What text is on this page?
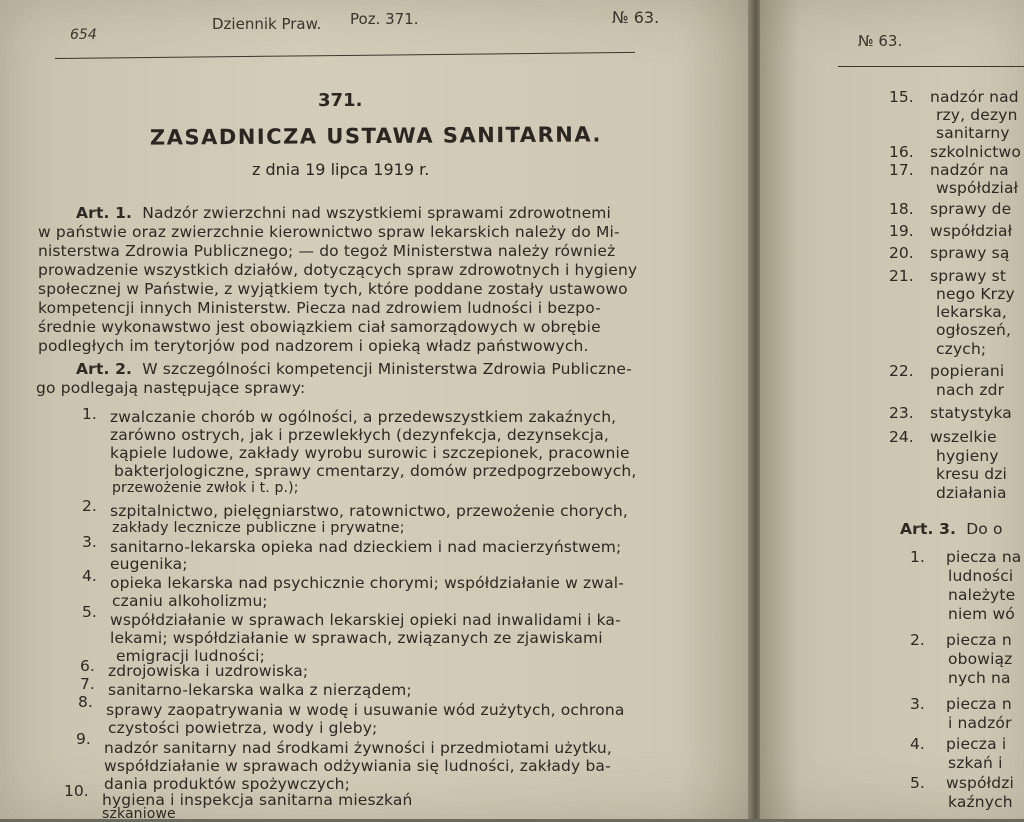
654
Dziennik Praw. Poz. 371.	№ 63.
371.
ZASADNICZA USTAWA SANITARNA.
z dnia 19 lipca 1919 r.
Art. 1. Nadzór zwierzchni nad wszystkiemi sprawami zdrowotnemi
w państwie oraz zwierzchnie kierownictwo spraw lekarskich należy do Mi-
nisterstwa Zdrowia Publicznego; — do tegoż Ministerstwa należy również
prowadzenie wszystkich działów, dotyczących spraw zdrowotnych i hygieny
społecznej w Państwie, z wyjątkiem tych, które poddane zostały ustawowo
kompetencji innych Ministerstw. Piecza nad zdrowiem ludności i bezpo-
średnie wykonawstwo jest obowiązkiem ciał samorządowych w obrębie
podległych im terytorjów pod nadzorem i opieką władz państwowych.
Art. 2. W szczególności kompetencji Ministerstwa Zdrowia Publiczne-
go podlegają następujące sprawy:
1. zwalczanie chorób w ogólności, a przedewszystkiem zakaźnych,
zarówno ostrych, jak i przewlekłych (dezynfekcja, dezynsekcja,
kąpiele ludowe, zakłady wyrobu surowic i szczepionek, pracownie
bakterjologiczne, sprawy cmentarzy, domów przedpogrzebowych,
przewożenie zwłok i t. p.);
2. szpitalnictwo, pielęgniarstwo, ratownictwo, przewożenie chorych,
zakłady lecznicze publiczne i prywatne;
3. sanitarno-lekarska opieka nad dzieckiem i nad macierzyństwem;
eugenika;
4. opieka lekarska nad psychicznie chorymi; współdziałanie w zwal-
czaniu alkoholizmu;
5. współdziałanie w sprawach lekarskiej opieki nad inwalidami i ka-
lekami; współdziałanie w sprawach, związanych ze zjawiskami
emigracji ludności;
6. zdrojowiska i uzdrowiska;
7. sanitarno-lekarska walka z nierządem;
8. sprawy zaopatrywania w wodę i usuwanie wód zużytych, ochrona
czystości powietrza, wody i gleby;
9. nadzór sanitarny nad środkami żywności i przedmiotami użytku,
współdziałanie w sprawach odżywiania się ludności, zakłady ba-
dania produktów spożywczych;
10. hygiena i inspekcja sanitarna mieszkań
szkaniowe
№ 63.
15. nadzór nad
rzy, dezyn
sanitarny
16. szkolnictwo
17. nadzór na
współdział
18. sprawy de
19. współdział
20. sprawy są
21. sprawy st
nego Krzy
lekarska,
ogłoszeń,
czych;
22. popierani
nach zdr
23. statystyka
24. wszelkie
hygieny
kresu dzi
działania
Art. 3. Do o
1. piecza na
ludności
należyte
niem wó
2. piecza n
obowiąz
nych na
3. piecza n
i nadzór
4. piecza i
szkań i
5. współdzi
kaźnych
